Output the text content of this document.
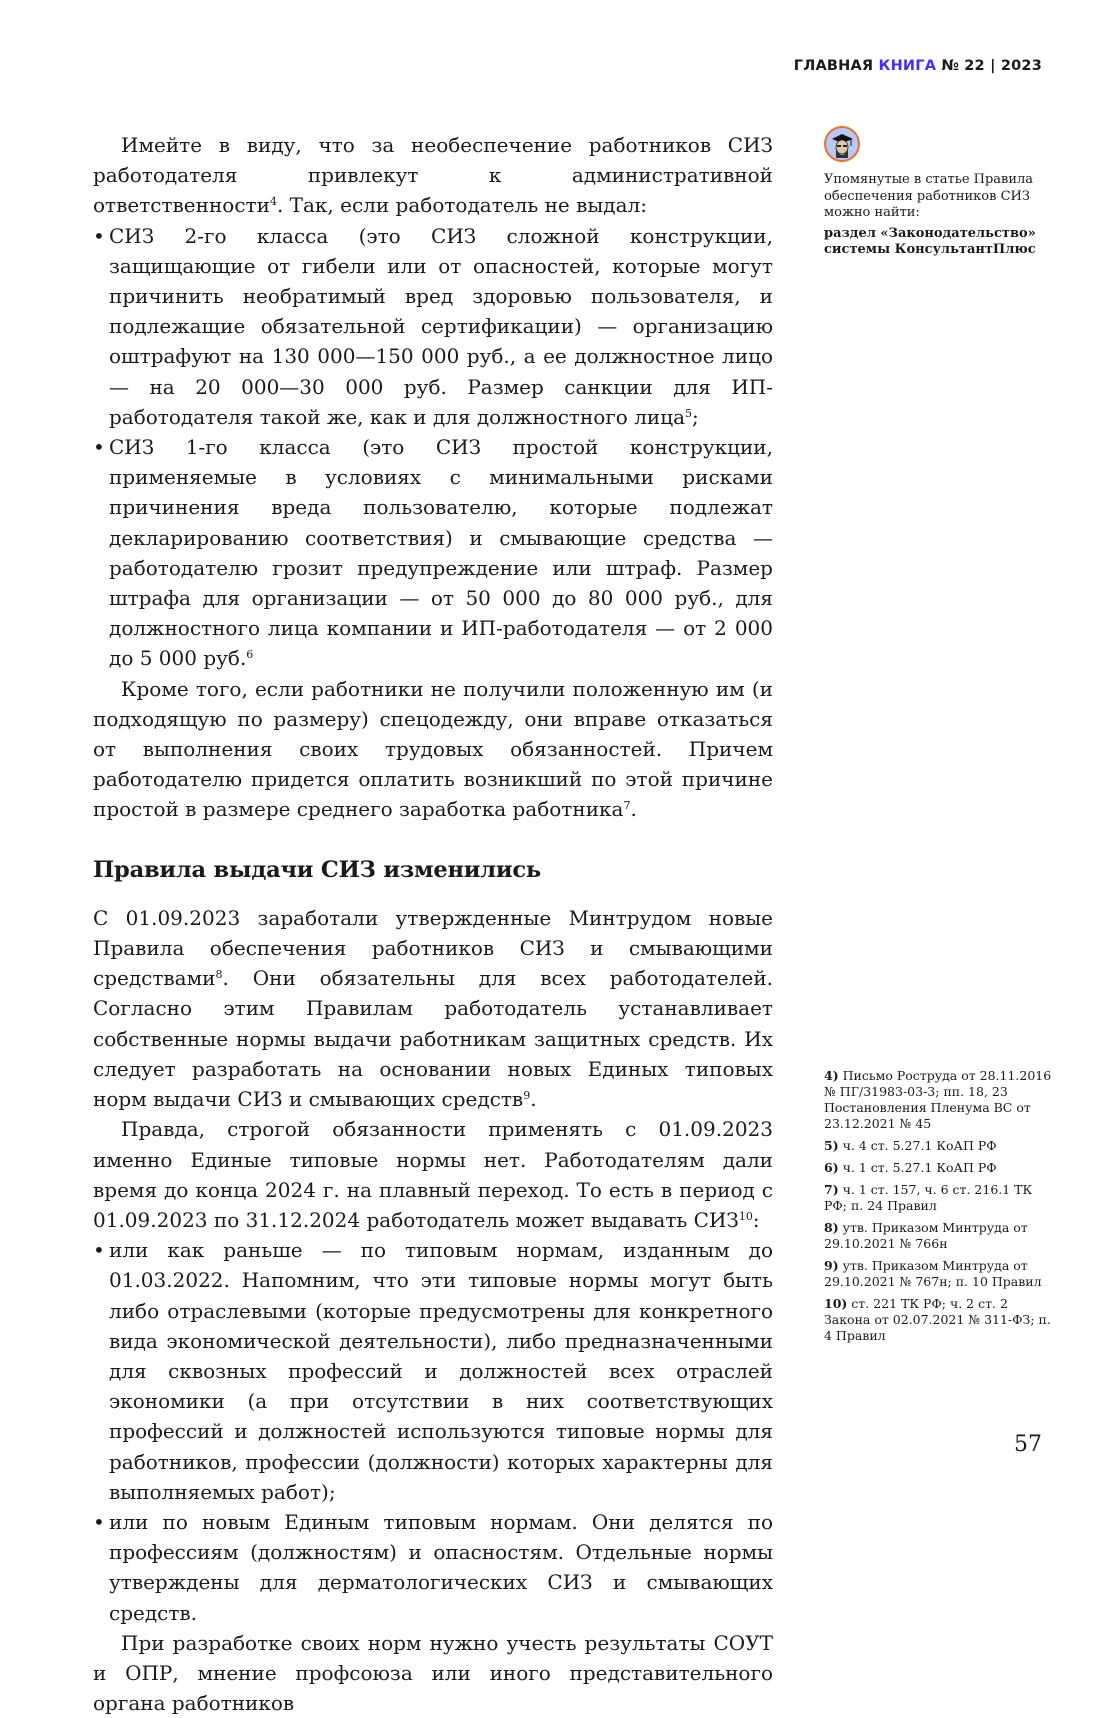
ГЛАВНАЯ КНИГА № 22 | 2023

Имейте в виду, что за необеспечение работников СИЗ работодателя привлекут к административной ответственности$^4$. Так, если работодатель не выдал:

• СИЗ 2-го класса (это СИЗ сложной конструкции, защищающие от гибели или от опасностей, которые могут причинить необратимый вред здоровью пользователя, и подлежащие обязательной сертификации) — организацию оштрафуют на 130 000—150 000 руб., а ее должностное лицо — на 20 000—30 000 руб. Размер санкции для ИП-работодателя такой же, как и для должностного лица$^5$;
• СИЗ 1-го класса (это СИЗ простой конструкции, применяемые в условиях с минимальными рисками причинения вреда пользователю, которые подлежат декларированию соответствия) и смывающие средства — работодателю грозит предупреждение или штраф. Размер штрафа для организации — от 50 000 до 80 000 руб., для должностного лица компании и ИП-работодателя — от 2 000 до 5 000 руб.$^6$

Кроме того, если работники не получили положенную им (и подходящую по размеру) спецодежду, они вправе отказаться от выполнения своих трудовых обязанностей. Причем работодателю придется оплатить возникший по этой причине простой в размере среднего заработка работника$^7$.

Правила выдачи СИЗ изменились

С 01.09.2023 заработали утвержденные Минтрудом новые Правила обеспечения работников СИЗ и смывающими средствами$^8$. Они обязательны для всех работодателей. Согласно этим Правилам работодатель устанавливает собственные нормы выдачи работникам защитных средств. Их следует разработать на основании новых Единых типовых норм выдачи СИЗ и смывающих средств$^9$.

Правда, строгой обязанности применять с 01.09.2023 именно Единые типовые нормы нет. Работодателям дали время до конца 2024 г. на плавный переход. То есть в период с 01.09.2023 по 31.12.2024 работодатель может выдавать СИЗ$^{10}$:

• или как раньше — по типовым нормам, изданным до 01.03.2022. Напомним, что эти типовые нормы могут быть либо отраслевыми (которые предусмотрены для конкретного вида экономической деятельности), либо предназначенными для сквозных профессий и должностей всех отраслей экономики (а при отсутствии в них соответствующих профессий и должностей используются типовые нормы для работников, профессии (должности) которых характерны для выполняемых работ);
• или по новым Единым типовым нормам. Они делятся по профессиям (должностям) и опасностям. Отдельные нормы утверждены для дерматологических СИЗ и смывающих средств.

При разработке своих норм нужно учесть результаты СОУТ и ОПР, мнение профсоюза или иного представительного органа работников

Упомянутые в статье Правила обеспечения работников СИЗ можно найти:
раздел «Законодательство» системы КонсультантПлюс
4) Письмо Роструда от 28.11.2016 № ПГ/31983-03-3; пп. 18, 23 Постановления Пленума ВС от 23.12.2021 № 45
5) ч. 4 ст. 5.27.1 КоАП РФ
6) ч. 1 ст. 5.27.1 КоАП РФ
7) ч. 1 ст. 157, ч. 6 ст. 216.1 ТК РФ; п. 24 Правил
8) утв. Приказом Минтруда от 29.10.2021 № 766н
9) утв. Приказом Минтруда от 29.10.2021 № 767н; п. 10 Правил
10) ст. 221 ТК РФ; ч. 2 ст. 2 Закона от 02.07.2021 № 311-ФЗ; п. 4 Правил
57
